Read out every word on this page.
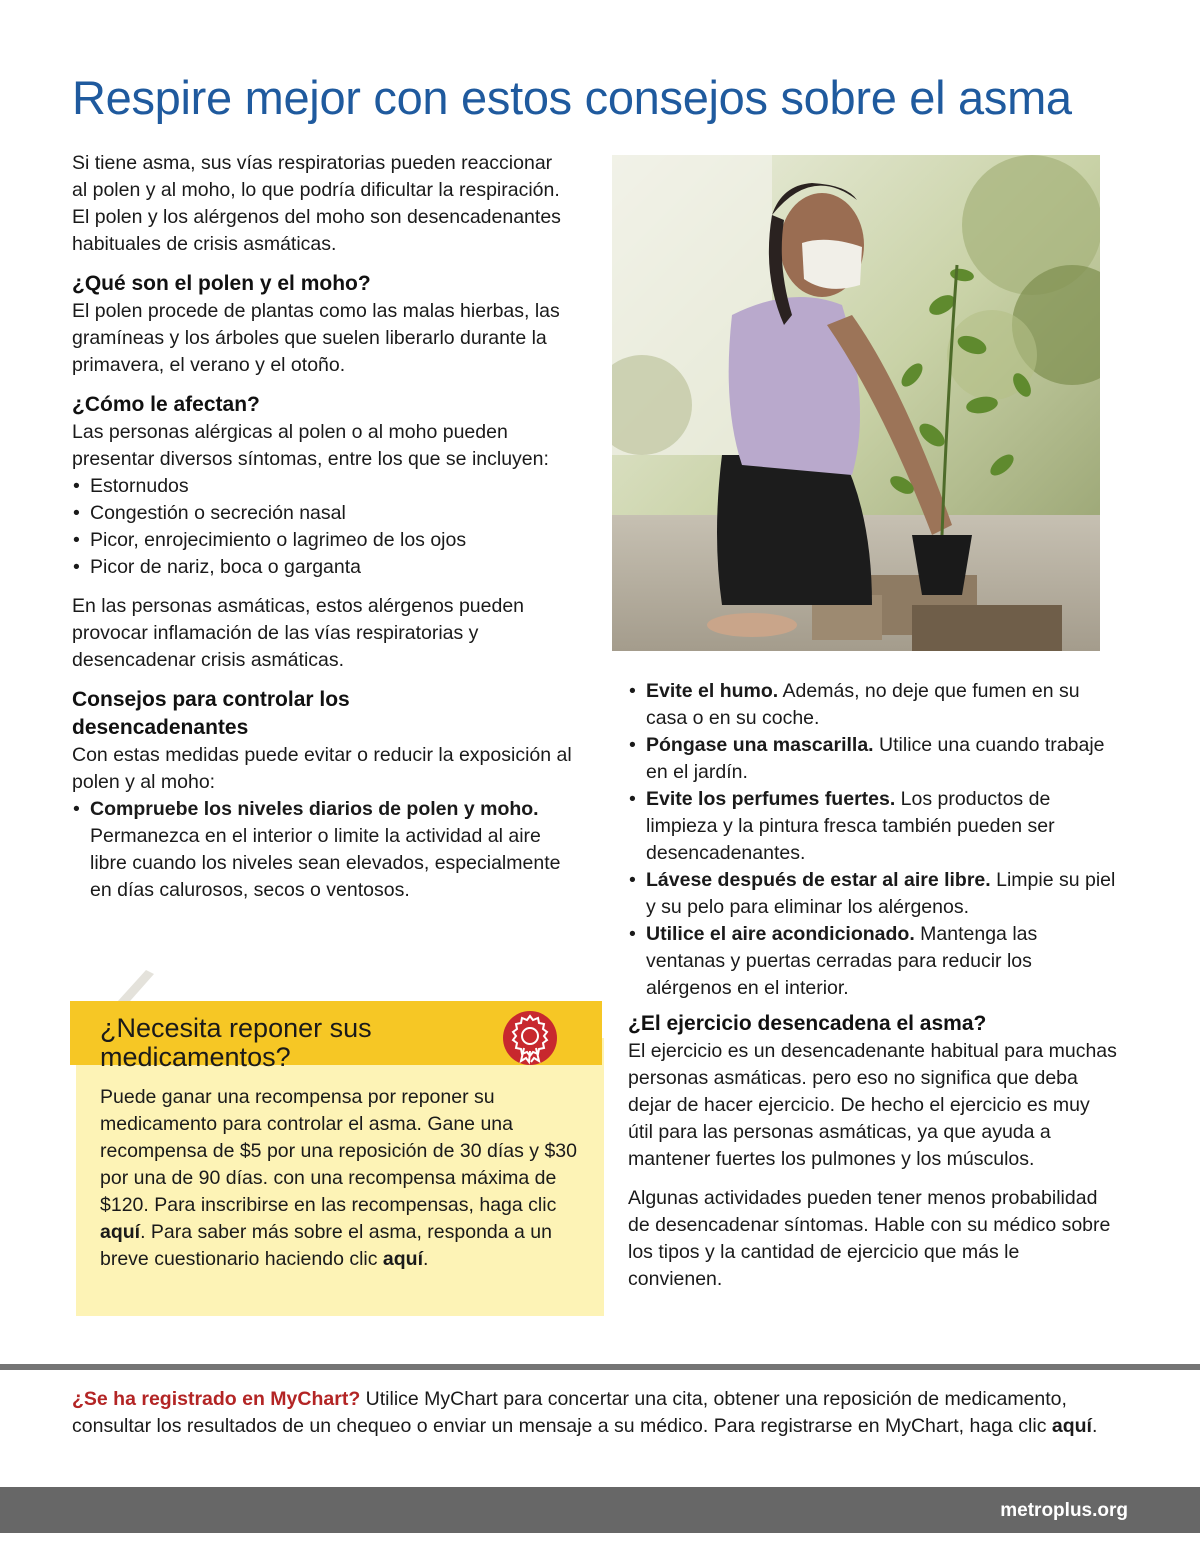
Respire mejor con estos consejos sobre el asma

Si tiene asma, sus vías respiratorias pueden reaccionar al polen y al moho, lo que podría dificultar la respiración. El polen y los alérgenos del moho son desencadenantes habituales de crisis asmáticas.

¿Qué son el polen y el moho?

El polen procede de plantas como las malas hierbas, las gramíneas y los árboles que suelen liberarlo durante la primavera, el verano y el otoño.

¿Cómo le afectan?

Las personas alérgicas al polen o al moho pueden presentar diversos síntomas, entre los que se incluyen:

• Estornudos
• Congestión o secreción nasal
• Picor, enrojecimiento o lagrimeo de los ojos
• Picor de nariz, boca o garganta

En las personas asmáticas, estos alérgenos pueden provocar inflamación de las vías respiratorias y desencadenar crisis asmáticas.

Consejos para controlar los desencadenantes

Con estas medidas puede evitar o reducir la exposición al polen y al moho:

• Compruebe los niveles diarios de polen y moho. Permanezca en el interior o limite la actividad al aire libre cuando los niveles sean elevados, especialmente en días calurosos, secos o ventosos.
• Evite el humo. Además, no deje que fumen en su casa o en su coche.
• Póngase una mascarilla. Utilice una cuando trabaje en el jardín.
• Evite los perfumes fuertes. Los productos de limpieza y la pintura fresca también pueden ser desencadenantes.
• Lávese después de estar al aire libre. Limpie su piel y su pelo para eliminar los alérgenos.
• Utilice el aire acondicionado. Mantenga las ventanas y puertas cerradas para reducir los alérgenos en el interior.
¿El ejercicio desencadena el asma?

El ejercicio es un desencadenante habitual para muchas personas asmáticas. pero eso no significa que deba dejar de hacer ejercicio. De hecho el ejercicio es muy útil para las personas asmáticas, ya que ayuda a mantener fuertes los pulmones y los músculos.

Algunas actividades pueden tener menos probabilidad de desencadenar síntomas. Hable con su médico sobre los tipos y la cantidad de ejercicio que más le convienen.

¿Necesita reponer sus
medicamentos?

Puede ganar una recompensa por reponer su medicamento para controlar el asma. Gane una recompensa de $5 por una reposición de 30 días y $30 por una de 90 días. con una recompensa máxima de $120. Para inscribirse en las recompensas, haga clic aquí. Para saber más sobre el asma, responda a un breve cuestionario haciendo clic aquí.

¿Se ha registrado en MyChart? Utilice MyChart para concertar una cita, obtener una reposición de medicamento, consultar los resultados de un chequeo o enviar un mensaje a su médico. Para registrarse en MyChart, haga clic aquí.

metroplus.org
